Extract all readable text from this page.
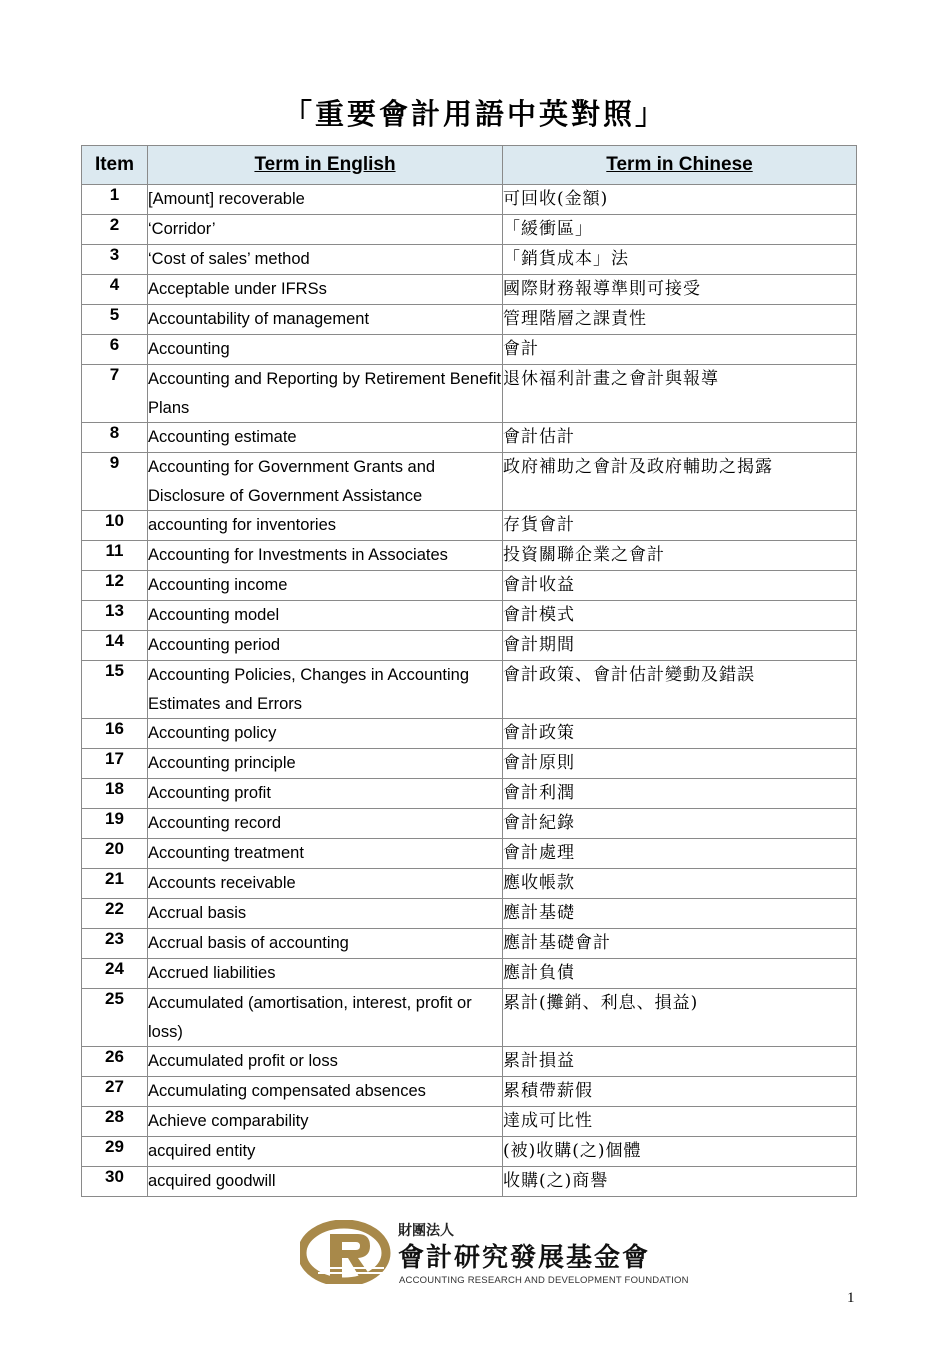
「重要會計用語中英對照」
Item	Term in English	Term in Chinese
1	[Amount] recoverable	可回收(金額)
2	‘Corridor’	「緩衝區」
3	‘Cost of sales’ method	「銷貨成本」法
4	Acceptable under IFRSs	國際財務報導準則可接受
5	Accountability of management	管理階層之課責性
6	Accounting	會計
7	Accounting and Reporting by Retirement Benefit Plans	退休福利計畫之會計與報導
8	Accounting estimate	會計估計
9	Accounting for Government Grants and Disclosure of Government Assistance	政府補助之會計及政府輔助之揭露
10	accounting for inventories	存貨會計
11	Accounting for Investments in Associates	投資關聯企業之會計
12	Accounting income	會計收益
13	Accounting model	會計模式
14	Accounting period	會計期間
15	Accounting Policies, Changes in Accounting Estimates and Errors	會計政策、會計估計變動及錯誤
16	Accounting policy	會計政策
17	Accounting principle	會計原則
18	Accounting profit	會計利潤
19	Accounting record	會計紀錄
20	Accounting treatment	會計處理
21	Accounts receivable	應收帳款
22	Accrual basis	應計基礎
23	Accrual basis of accounting	應計基礎會計
24	Accrued liabilities	應計負債
25	Accumulated (amortisation, interest, profit or loss)	累計(攤銷、利息、損益)
26	Accumulated profit or loss	累計損益
27	Accumulating compensated absences	累積帶薪假
28	Achieve comparability	達成可比性
29	acquired entity	(被)收購(之)個體
30	acquired goodwill	收購(之)商譽
財團法人
會計研究發展基金會
ACCOUNTING RESEARCH AND DEVELOPMENT FOUNDATION
1
